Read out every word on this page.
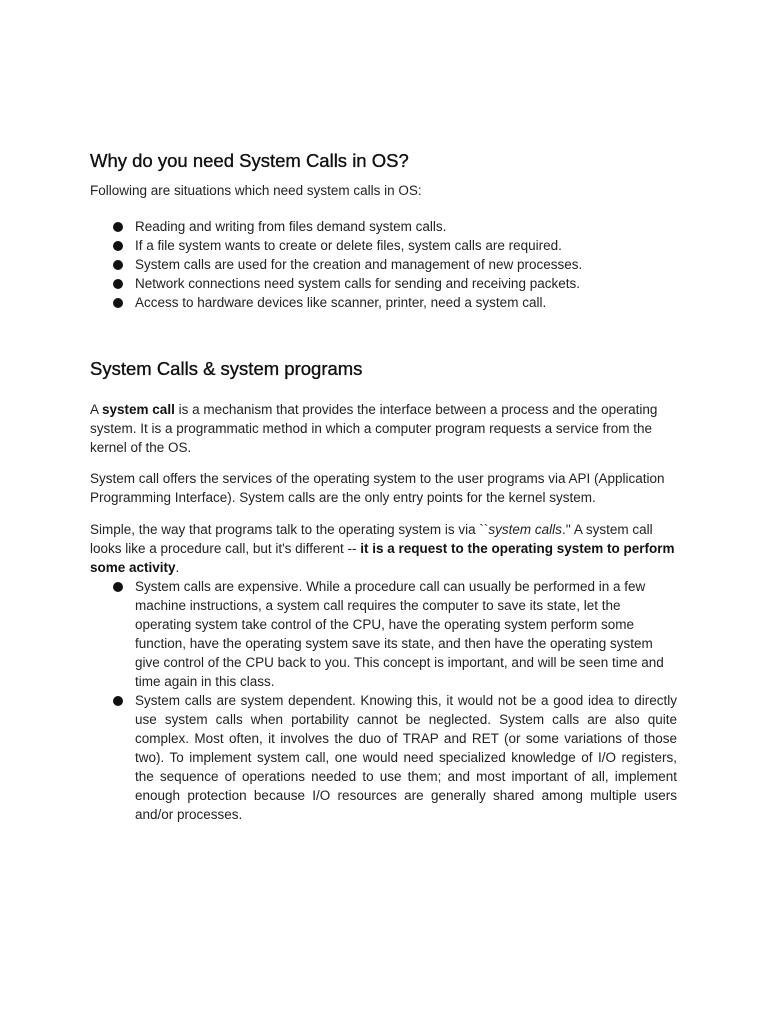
Why do you need System Calls in OS?

Following are situations which need system calls in OS:

Reading and writing from files demand system calls.
If a file system wants to create or delete files, system calls are required.
System calls are used for the creation and management of new processes.
Network connections need system calls for sending and receiving packets.
Access to hardware devices like scanner, printer, need a system call.
System Calls & system programs

A system call is a mechanism that provides the interface between a process and the operating system. It is a programmatic method in which a computer program requests a service from the kernel of the OS.

System call offers the services of the operating system to the user programs via API (Application Programming Interface). System calls are the only entry points for the kernel system.

Simple, the way that programs talk to the operating system is via ``system calls.'' A system call looks like a procedure call, but it's different -- it is a request to the operating system to perform some activity.

System calls are expensive. While a procedure call can usually be performed in a few machine instructions, a system call requires the computer to save its state, let the operating system take control of the CPU, have the operating system perform some function, have the operating system save its state, and then have the operating system give control of the CPU back to you. This concept is important, and will be seen time and time again in this class.
System calls are system dependent. Knowing this, it would not be a good idea to directly use system calls when portability cannot be neglected. System calls are also quite complex. Most often, it involves the duo of TRAP and RET (or some variations of those two). To implement system call, one would need specialized knowledge of I/O registers, the sequence of operations needed to use them; and most important of all, implement enough protection because I/O resources are generally shared among multiple users and/or processes.
